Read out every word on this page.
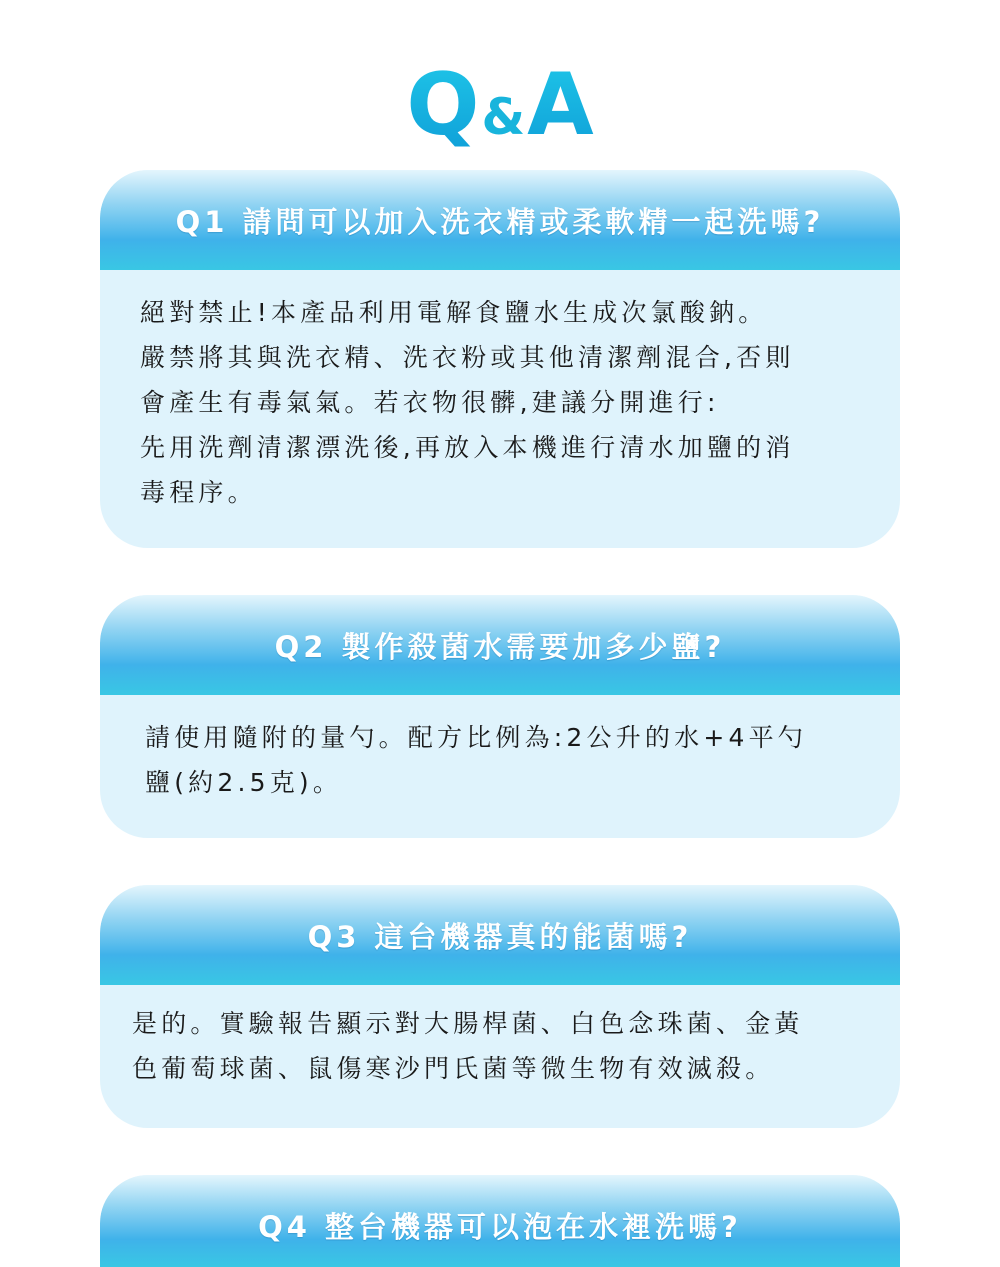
Q&A
Q1 請問可以加入洗衣精或柔軟精一起洗嗎?
絕對禁止!本產品利用電解食鹽水生成次氯酸鈉。
嚴禁將其與洗衣精、洗衣粉或其他清潔劑混合,否則
會產生有毒氣氣。若衣物很髒,建議分開進行:
先用洗劑清潔漂洗後,再放入本機進行清水加鹽的消
毒程序。
Q2 製作殺菌水需要加多少鹽?
請使用隨附的量勺。配方比例為:2公升的水+4平勺
鹽(約2.5克)。
Q3 這台機器真的能菌嗎?
是的。實驗報告顯示對大腸桿菌、白色念珠菌、金黃
色葡萄球菌、鼠傷寒沙門氏菌等微生物有效滅殺。
Q4 整台機器可以泡在水裡洗嗎?
